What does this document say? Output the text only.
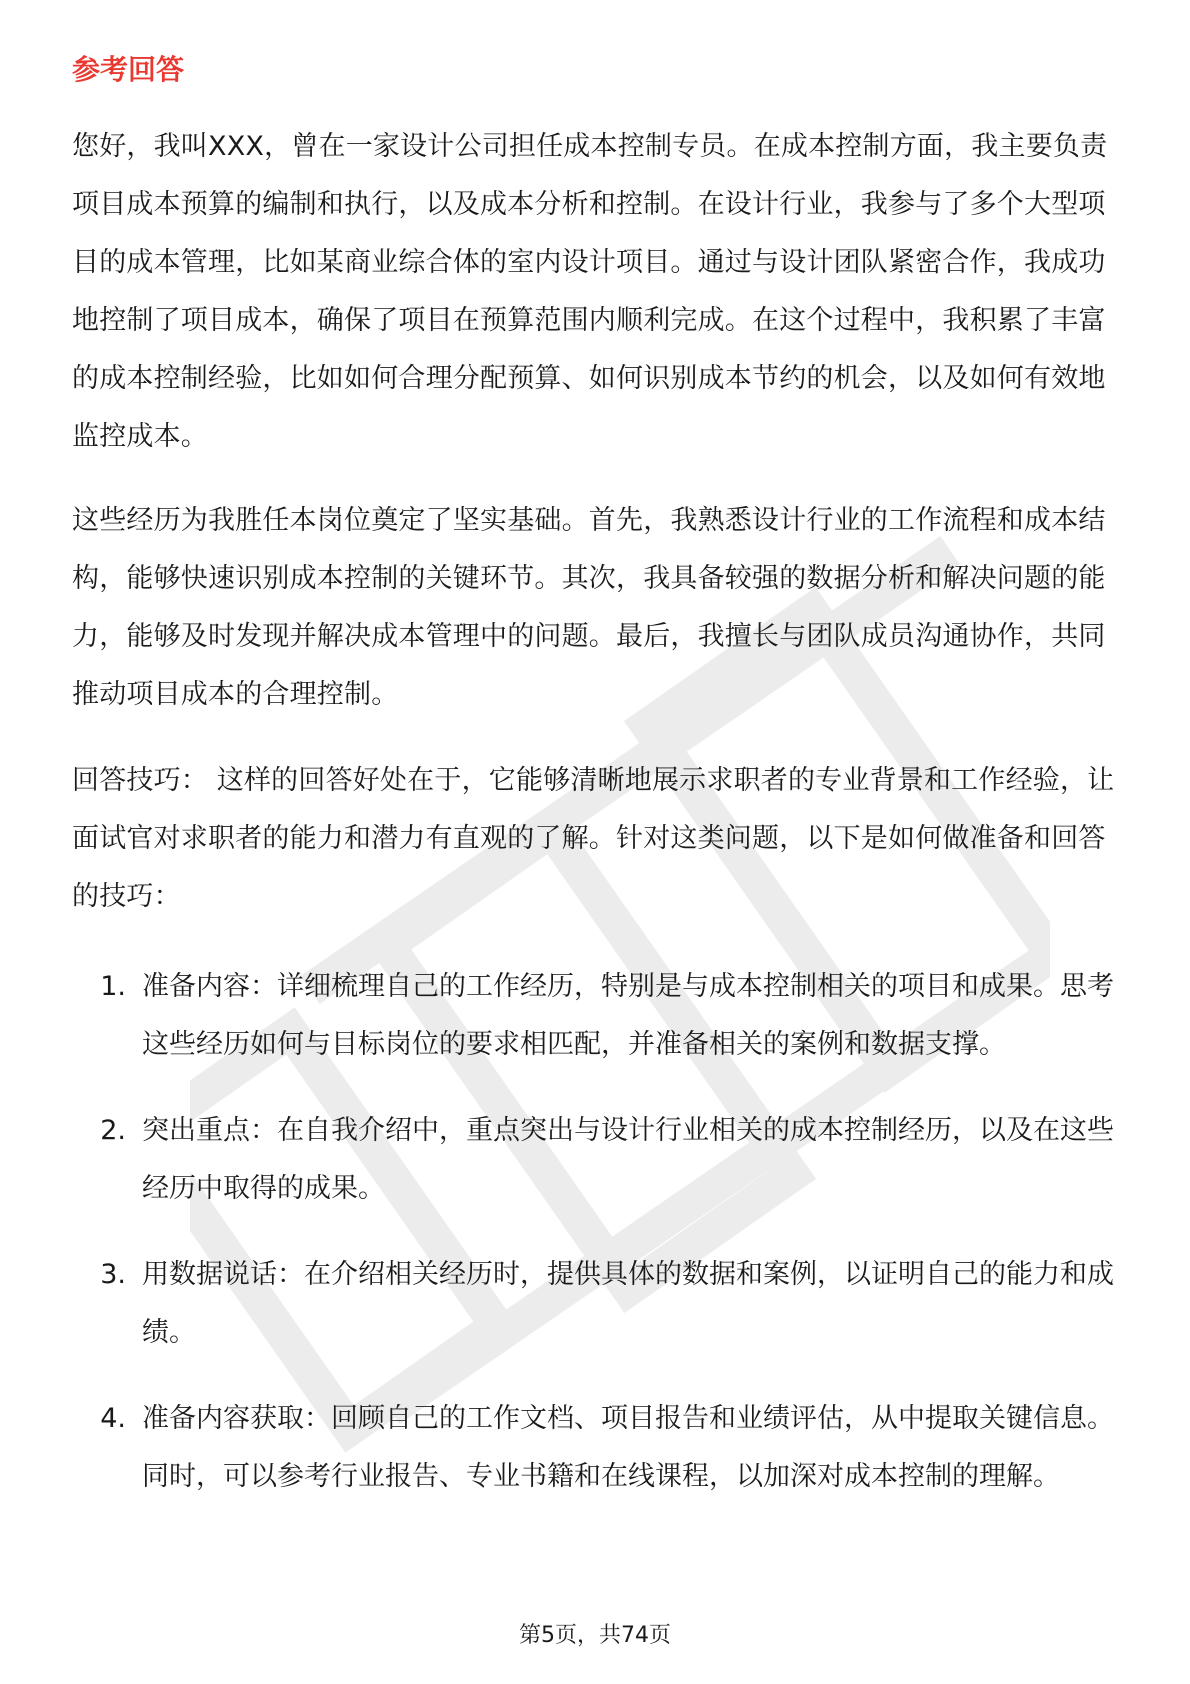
参考回答

您好，我叫XXX，曾在一家设计公司担任成本控制专员。在成本控制方面，我主要负责项目成本预算的编制和执行，以及成本分析和控制。在设计行业，我参与了多个大型项目的成本管理，比如某商业综合体的室内设计项目。通过与设计团队紧密合作，我成功地控制了项目成本，确保了项目在预算范围内顺利完成。在这个过程中，我积累了丰富的成本控制经验，比如如何合理分配预算、如何识别成本节约的机会，以及如何有效地监控成本。

这些经历为我胜任本岗位奠定了坚实基础。首先，我熟悉设计行业的工作流程和成本结构，能够快速识别成本控制的关键环节。其次，我具备较强的数据分析和解决问题的能力，能够及时发现并解决成本管理中的问题。最后，我擅长与团队成员沟通协作，共同推动项目成本的合理控制。

回答技巧： 这样的回答好处在于，它能够清晰地展示求职者的专业背景和工作经验，让面试官对求职者的能力和潜力有直观的了解。针对这类问题，以下是如何做准备和回答的技巧：

1. 准备内容：详细梳理自己的工作经历，特别是与成本控制相关的项目和成果。思考这些经历如何与目标岗位的要求相匹配，并准备相关的案例和数据支撑。
2. 突出重点：在自我介绍中，重点突出与设计行业相关的成本控制经历，以及在这些经历中取得的成果。
3. 用数据说话：在介绍相关经历时，提供具体的数据和案例，以证明自己的能力和成绩。
4. 准备内容获取：回顾自己的工作文档、项目报告和业绩评估，从中提取关键信息。同时，可以参考行业报告、专业书籍和在线课程，以加深对成本控制的理解。
第5页，共74页
